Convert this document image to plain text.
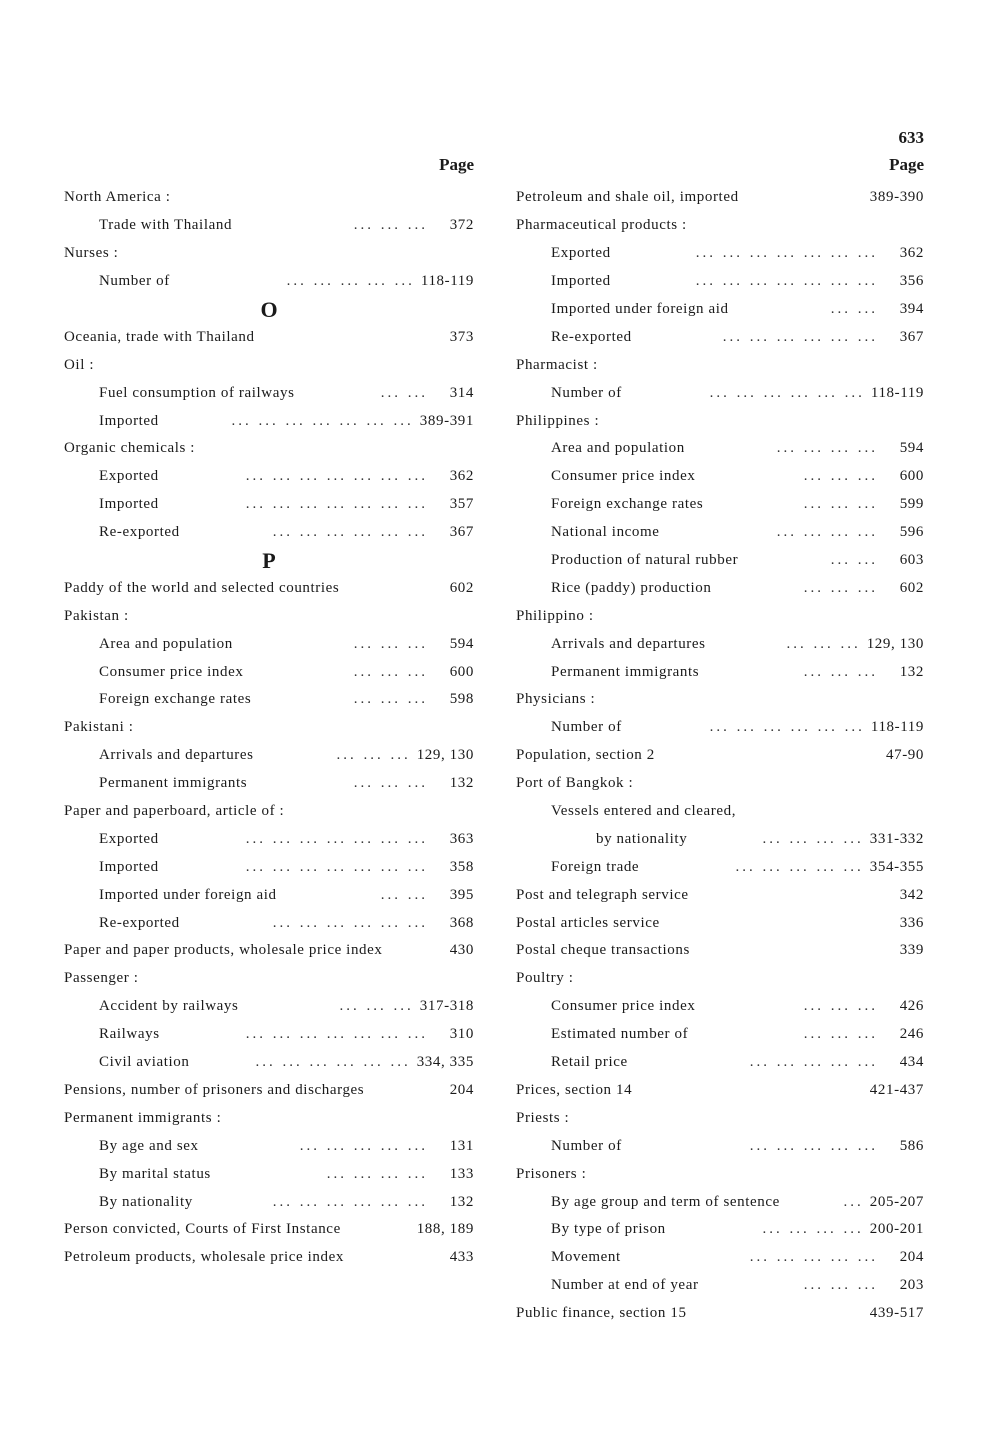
633
Page
North America :
Trade with Thailand	... ... ...	372
Nurses :
Number of	... ... ... ... ... 118-119
O
Oceania, trade with Thailand	373
Oil :
Fuel consumption of railways	... ...	314
Imported	... ... ... ... ... ... ... 389-391
Organic chemicals :
Exported	... ... ... ... ... ... ...	362
Imported	... ... ... ... ... ... ...	357
Re-exported	... ... ... ... ... ...	367
P
Paddy of the world and selected countries	602
Pakistan :
Area and population	... ... ...	594
Consumer price index	... ... ...	600
Foreign exchange rates	... ... ...	598
Pakistani :
Arrivals and departures	... ... ... 129, 130
Permanent immigrants	... ... ...	132
Paper and paperboard, article of :
Exported	... ... ... ... ... ... ...	363
Imported	... ... ... ... ... ... ...	358
Imported under foreign aid	... ...	395
Re-exported	... ... ... ... ... ...	368
Paper and paper products, wholesale price index	430
Passenger :
Accident by railways	... ... ... 317-318
Railways	... ... ... ... ... ... ...	310
Civil aviation	... ... ... ... ... ... 334, 335
Pensions, number of prisoners and discharges	204
Permanent immigrants :
By age and sex	... ... ... ... ...	131
By marital status	... ... ... ...	133
By nationality	... ... ... ... ... ...	132
Person convicted, Courts of First Instance	188, 189
Petroleum products, wholesale price index	433
Page
Petroleum and shale oil, imported	389-390
Pharmaceutical products :
Exported	... ... ... ... ... ... ...	362
Imported	... ... ... ... ... ... ...	356
Imported under foreign aid	... ...	394
Re-exported	... ... ... ... ... ...	367
Pharmacist :
Number of	... ... ... ... ... ... 118-119
Philippines :
Area and population	... ... ... ...	594
Consumer price index	... ... ...	600
Foreign exchange rates	... ... ...	599
National income	... ... ... ...	596
Production of natural rubber	... ...	603
Rice (paddy) production	... ... ...	602
Philippino :
Arrivals and departures	... ... ... 129, 130
Permanent immigrants	... ... ...	132
Physicians :
Number of	... ... ... ... ... ... 118-119
Population, section 2	47-90
Port of Bangkok :
Vessels entered and cleared,
by nationality	... ... ... ... 331-332
Foreign trade	... ... ... ... ... 354-355
Post and telegraph service	342
Postal articles service	336
Postal cheque transactions	339
Poultry :
Consumer price index	... ... ...	426
Estimated number of	... ... ...	246
Retail price	... ... ... ... ...	434
Prices, section 14	421-437
Priests :
Number of	... ... ... ... ...	586
Prisoners :
By age group and term of sentence	... 205-207
By type of prison	... ... ... ... 200-201
Movement	... ... ... ... ...	204
Number at end of year	... ... ...	203
Public finance, section 15	439-517
